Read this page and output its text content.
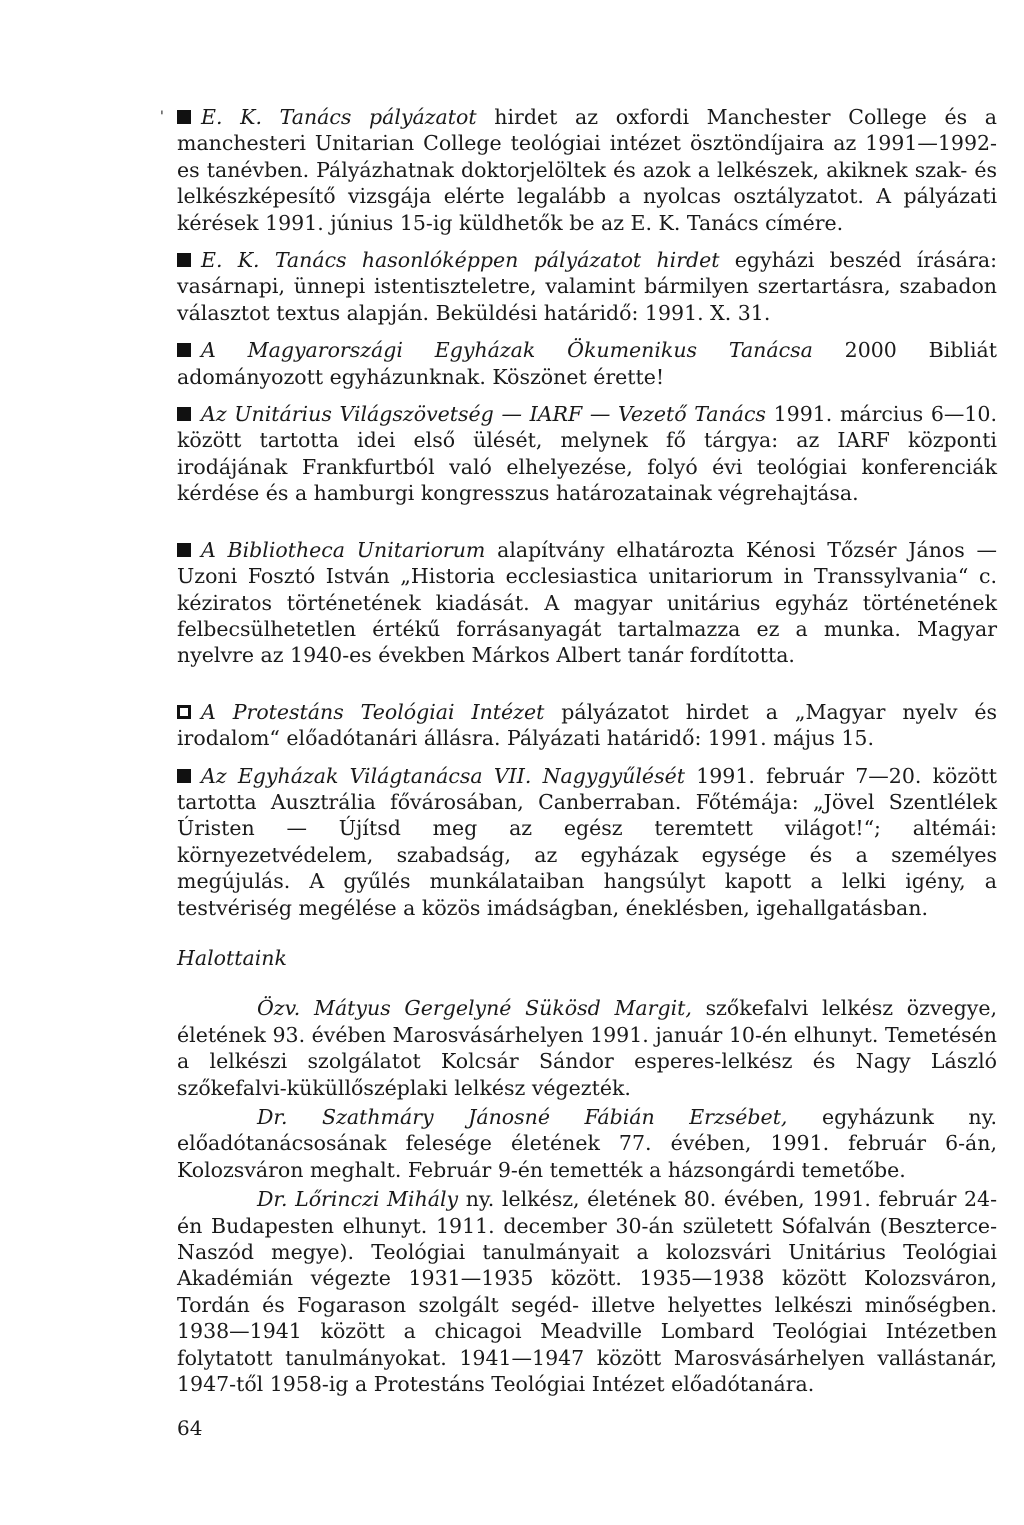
' E. K. Tanács pályázatot hirdet az oxfordi Manchester College és a manchesteri Unitarian College teológiai intézet ösztöndíjaira az 1991—1992-es tanévben. Pályázhatnak doktorjelöltek és azok a lelkészek, akiknek szak- és lelkészképesítő vizsgája elérte legalább a nyolcas osztályzatot. A pályázati kérések 1991. június 15-ig küldhetők be az E. K. Tanács címére.

E. K. Tanács hasonlóképpen pályázatot hirdet egyházi beszéd írására: vasárnapi, ünnepi istentiszteletre, valamint bármilyen szertartásra, szabadon választot textus alapján. Beküldési határidő: 1991. X. 31.

A Magyarországi Egyházak Ökumenikus Tanácsa 2000 Bibliát adományozott egyházunknak. Köszönet érette!

Az Unitárius Világszövetség — IARF — Vezető Tanács 1991. március 6—10. között tartotta idei első ülését, melynek fő tárgya: az IARF központi irodájának Frankfurtból való elhelyezése, folyó évi teológiai konferenciák kérdése és a hamburgi kongresszus határozatainak végrehajtása.

A Bibliotheca Unitariorum alapítvány elhatározta Kénosi Tőzsér János — Uzoni Fosztó István „Historia ecclesiastica unitariorum in Transsylvania“ c. kéziratos történetének kiadását. A magyar unitárius egyház történetének felbecsülhetetlen értékű forrásanyagát tartalmazza ez a munka. Magyar nyelvre az 1940-es években Márkos Albert tanár fordította.

A Protestáns Teológiai Intézet pályázatot hirdet a „Magyar nyelv és irodalom“ előadótanári állásra. Pályázati határidő: 1991. május 15.

Az Egyházak Világtanácsa VII. Nagygyűlését 1991. február 7—20. között tartotta Ausztrália fővárosában, Canberraban. Főtémája: „Jövel Szentlélek Úristen — Újítsd meg az egész teremtett világot!“; altémái: környezetvédelem, szabadság, az egyházak egysége és a személyes megújulás. A gyűlés munkálataiban hangsúlyt kapott a lelki igény, a testvériség megélése a közös imádságban, éneklésben, igehallgatásban.

Halottaink

Özv. Mátyus Gergelyné Sükösd Margit, szőkefalvi lelkész özvegye, életének 93. évében Marosvásárhelyen 1991. január 10-én elhunyt. Temetésén a lelkészi szolgálatot Kolcsár Sándor esperes-lelkész és Nagy László szőkefalvi-küküllőszéplaki lelkész végezték.

Dr. Szathmáry Jánosné Fábián Erzsébet, egyházunk ny. előadótanácsosának felesége életének 77. évében, 1991. február 6-án, Kolozsváron meghalt. Február 9-én temették a házsongárdi temetőbe.

Dr. Lőrinczi Mihály ny. lelkész, életének 80. évében, 1991. február 24-én Budapesten elhunyt. 1911. december 30-án született Sófalván (Beszterce-Naszód megye). Teológiai tanulmányait a kolozsvári Unitárius Teológiai Akadémián végezte 1931—1935 között. 1935—1938 között Kolozsváron, Tordán és Fogarason szolgált segéd- illetve helyettes lelkészi minőségben. 1938—1941 között a chicagoi Meadville Lombard Teológiai Intézetben folytatott tanulmányokat. 1941—1947 között Marosvásárhelyen vallástanár, 1947-től 1958-ig a Protestáns Teológiai Intézet előadótanára.

64
